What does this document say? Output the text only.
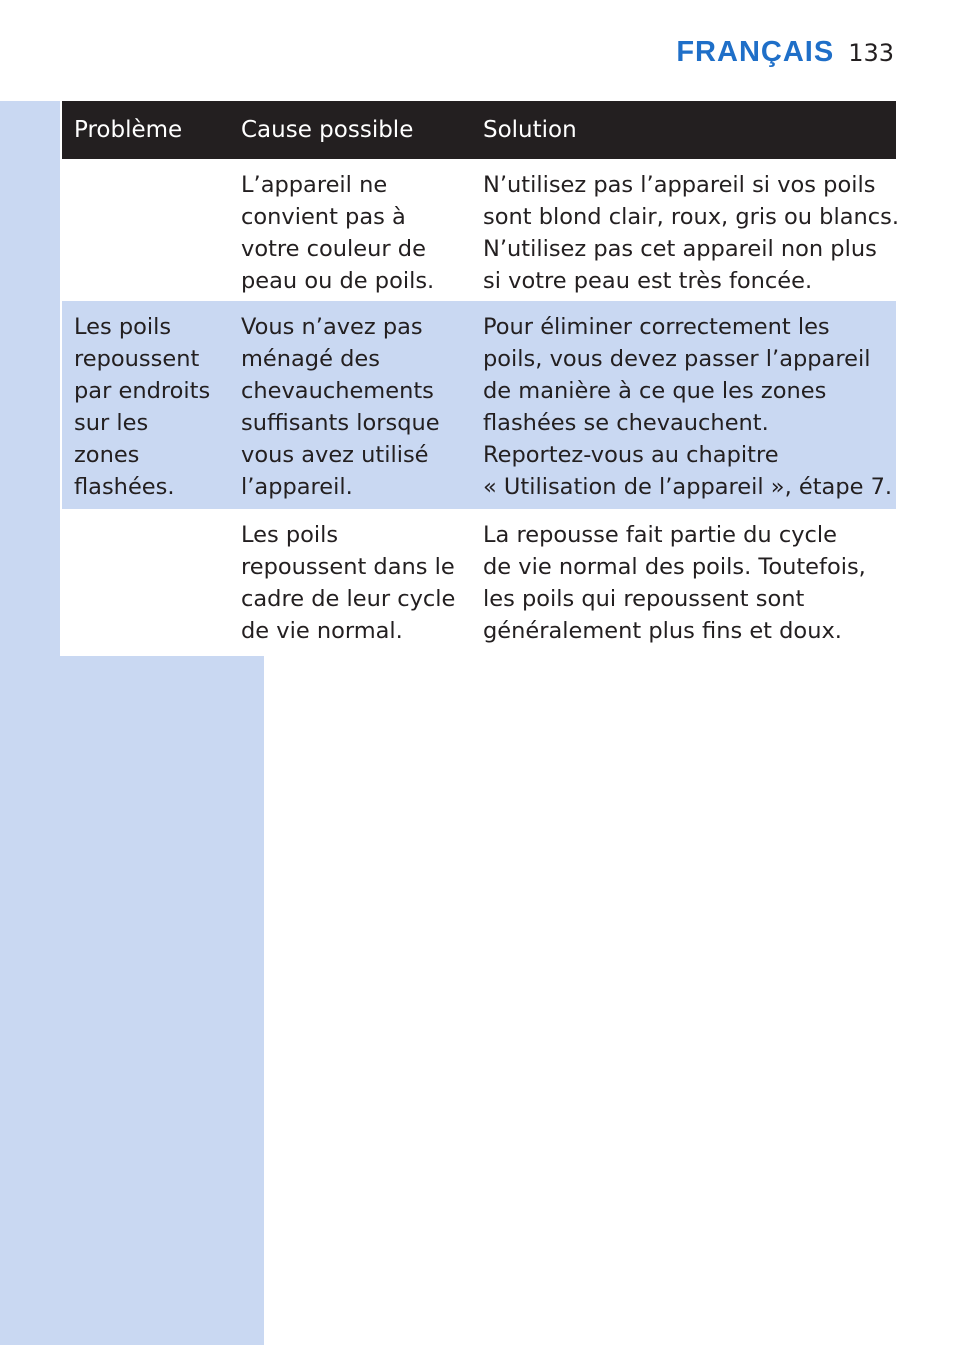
FRANÇAIS 133
Problème	Cause possible	Solution
L’appareil ne
convient pas à
votre couleur de
peau ou de poils.
N’utilisez pas l’appareil si vos poils
sont blond clair, roux, gris ou blancs.
N’utilisez pas cet appareil non plus
si votre peau est très foncée.
Les poils
repoussent
par endroits
sur les
zones
flashées.
Vous n’avez pas
ménagé des
chevauchements
suffisants lorsque
vous avez utilisé
l’appareil.
Pour éliminer correctement les
poils, vous devez passer l’appareil
de manière à ce que les zones
flashées se chevauchent.
Reportez-vous au chapitre
« Utilisation de l’appareil », étape 7.
Les poils
repoussent dans le
cadre de leur cycle
de vie normal.
La repousse fait partie du cycle
de vie normal des poils. Toutefois,
les poils qui repoussent sont
généralement plus fins et doux.
